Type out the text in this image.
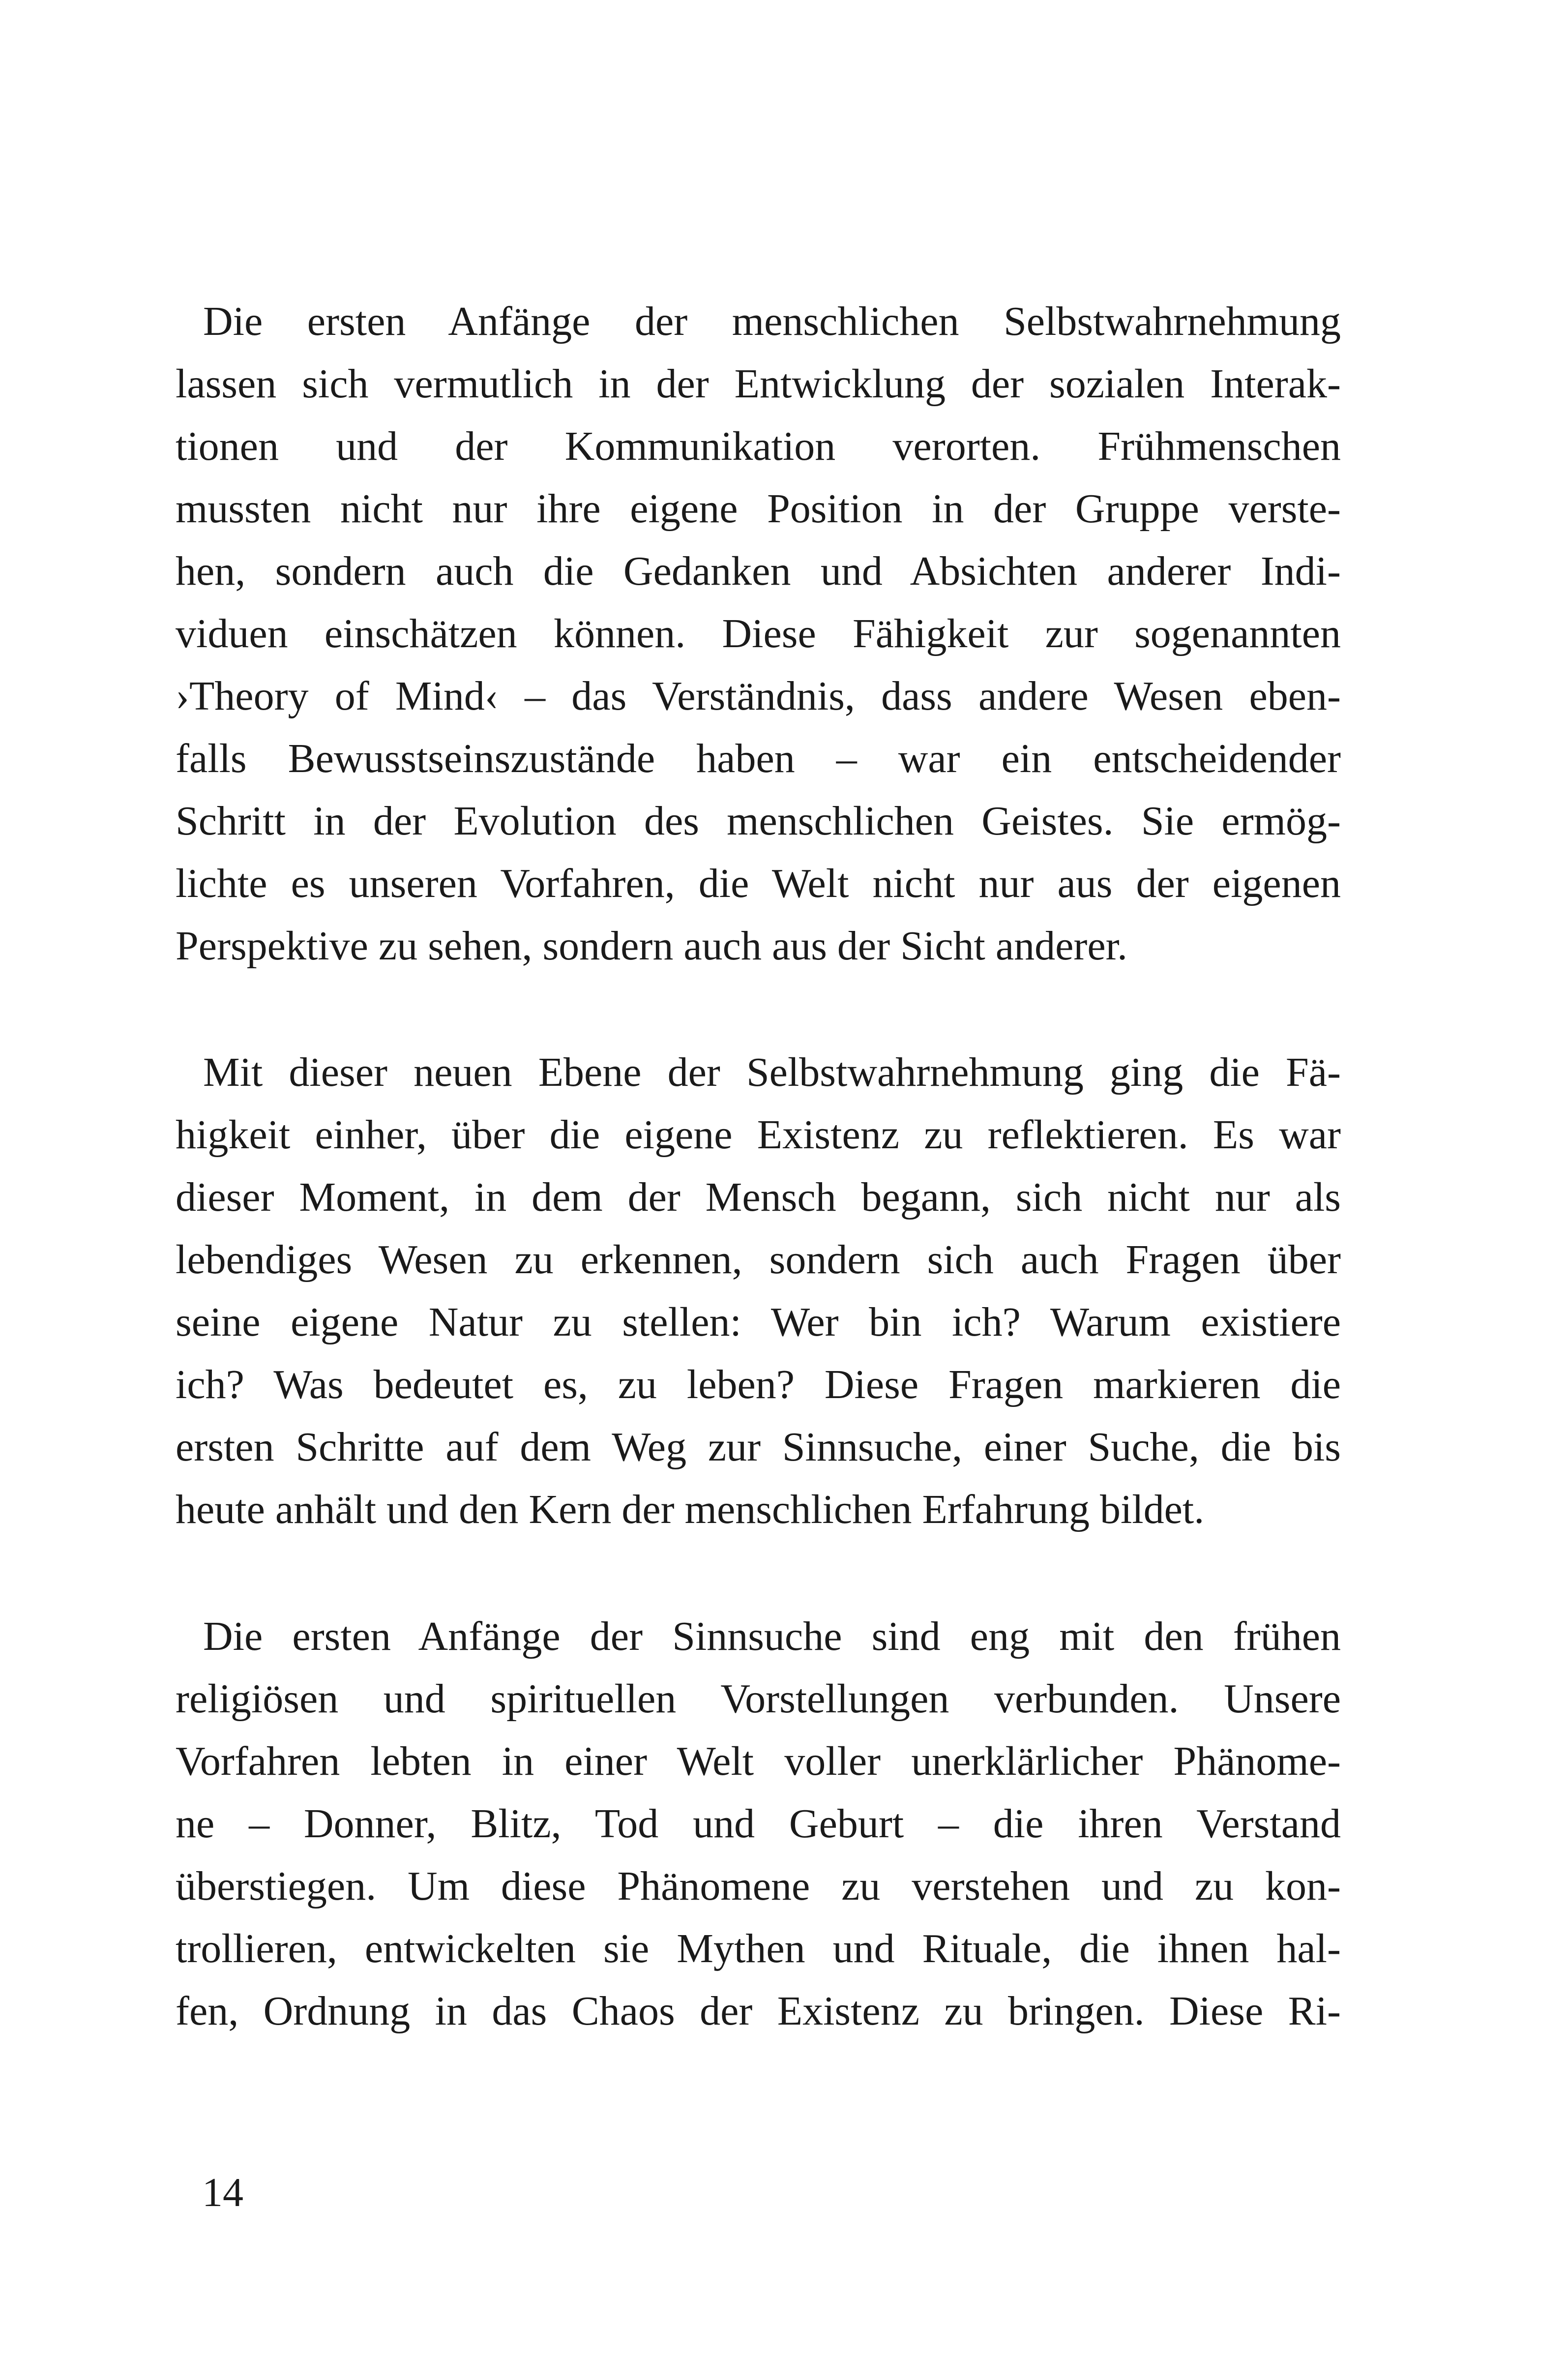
Die ersten Anfänge der menschlichen Selbstwahrnehmung
lassen sich vermutlich in der Entwicklung der sozialen Interak-
tionen und der Kommunikation verorten. Frühmenschen
mussten nicht nur ihre eigene Position in der Gruppe verste-
hen, sondern auch die Gedanken und Absichten anderer Indi-
viduen einschätzen können. Diese Fähigkeit zur sogenannten
›Theory of Mind‹ – das Verständnis, dass andere Wesen eben-
falls Bewusstseinszustände haben – war ein entscheidender
Schritt in der Evolution des menschlichen Geistes. Sie ermög-
lichte es unseren Vorfahren, die Welt nicht nur aus der eigenen
Perspektive zu sehen, sondern auch aus der Sicht anderer.
Mit dieser neuen Ebene der Selbstwahrnehmung ging die Fä-
higkeit einher, über die eigene Existenz zu reflektieren. Es war
dieser Moment, in dem der Mensch begann, sich nicht nur als
lebendiges Wesen zu erkennen, sondern sich auch Fragen über
seine eigene Natur zu stellen: Wer bin ich? Warum existiere
ich? Was bedeutet es, zu leben? Diese Fragen markieren die
ersten Schritte auf dem Weg zur Sinnsuche, einer Suche, die bis
heute anhält und den Kern der menschlichen Erfahrung bildet.
Die ersten Anfänge der Sinnsuche sind eng mit den frühen
religiösen und spirituellen Vorstellungen verbunden. Unsere
Vorfahren lebten in einer Welt voller unerklärlicher Phänome-
ne – Donner, Blitz, Tod und Geburt – die ihren Verstand
überstiegen. Um diese Phänomene zu verstehen und zu kon-
trollieren, entwickelten sie Mythen und Rituale, die ihnen hal-
fen, Ordnung in das Chaos der Existenz zu bringen. Diese Ri-
14
